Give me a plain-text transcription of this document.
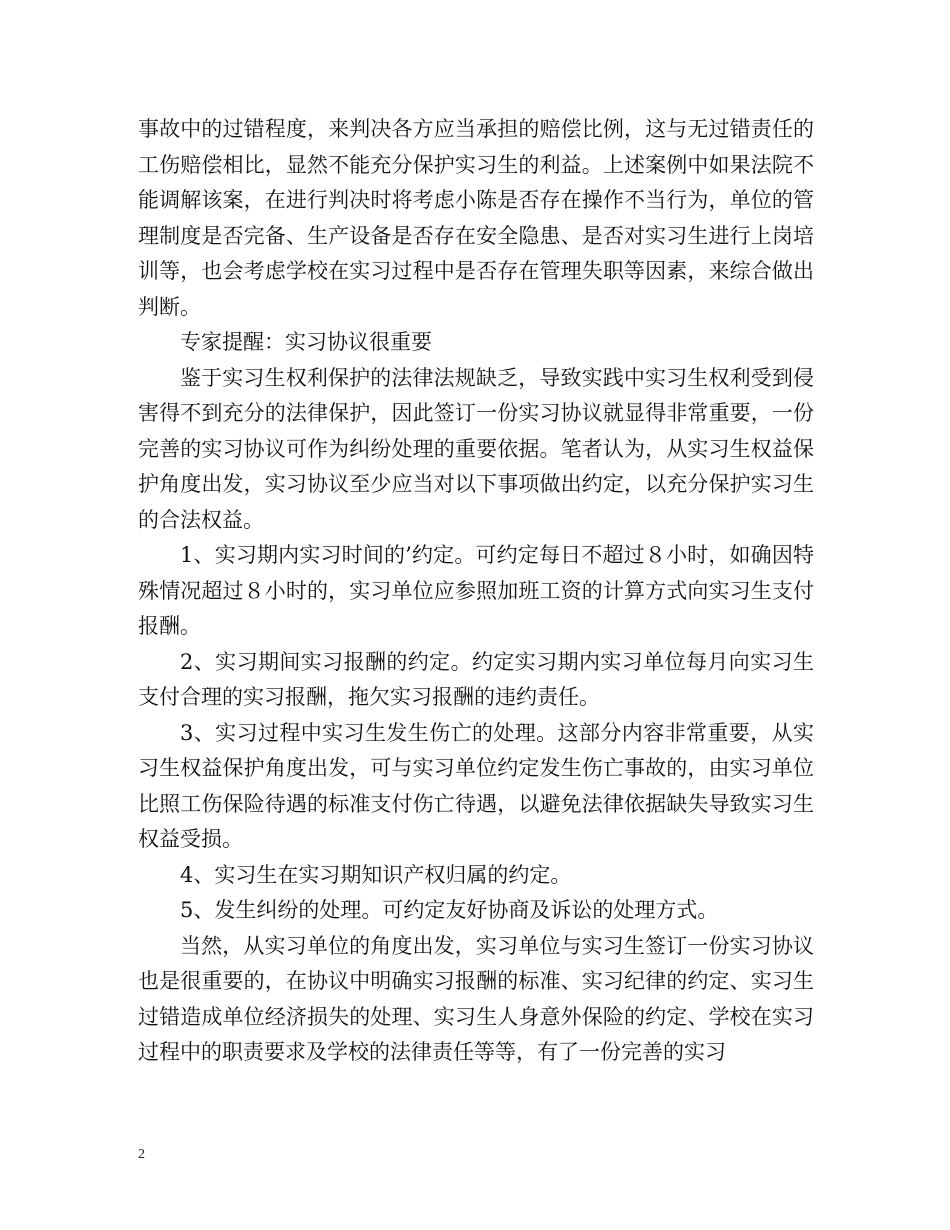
事故中的过错程度，来判决各方应当承担的赔偿比例，这与无过错责任的工伤赔偿相比，显然不能充分保护实习生的利益。上述案例中如果法院不能调解该案，在进行判决时将考虑小陈是否存在操作不当行为，单位的管理制度是否完备、生产设备是否存在安全隐患、是否对实习生进行上岗培训等，也会考虑学校在实习过程中是否存在管理失职等因素，来综合做出判断。

专家提醒：实习协议很重要

鉴于实习生权利保护的法律法规缺乏，导致实践中实习生权利受到侵害得不到充分的法律保护，因此签订一份实习协议就显得非常重要，一份完善的实习协议可作为纠纷处理的重要依据。笔者认为，从实习生权益保护角度出发，实习协议至少应当对以下事项做出约定，以充分保护实习生的合法权益。

1、实习期内实习时间的’约定。可约定每日不超过８小时，如确因特殊情况超过８小时的，实习单位应参照加班工资的计算方式向实习生支付报酬。

2、实习期间实习报酬的约定。约定实习期内实习单位每月向实习生支付合理的实习报酬，拖欠实习报酬的违约责任。

3、实习过程中实习生发生伤亡的处理。这部分内容非常重要，从实习生权益保护角度出发，可与实习单位约定发生伤亡事故的，由实习单位比照工伤保险待遇的标准支付伤亡待遇，以避免法律依据缺失导致实习生权益受损。

4、实习生在实习期知识产权归属的约定。

5、发生纠纷的处理。可约定友好协商及诉讼的处理方式。

当然，从实习单位的角度出发，实习单位与实习生签订一份实习协议也是很重要的，在协议中明确实习报酬的标准、实习纪律的约定、实习生过错造成单位经济损失的处理、实习生人身意外保险的约定、学校在实习过程中的职责要求及学校的法律责任等等，有了一份完善的实习

2
